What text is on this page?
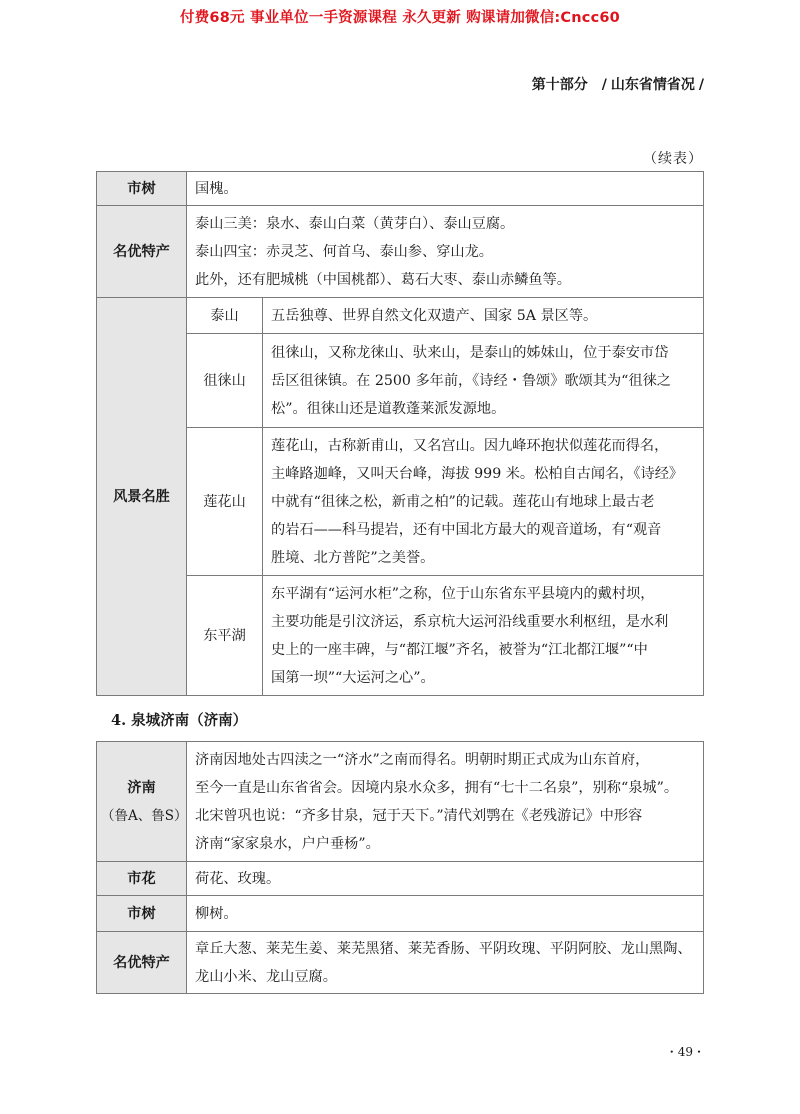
付费68元 事业单位一手资源课程 永久更新 购课请加微信:Cncc60
第十部分 / 山东省情省况 /
（续表）
市树	国槐。	
名优特产	泰山三美：泉水、泰山白菜（黄芽白）、泰山豆腐。
泰山四宝：赤灵芝、何首乌、泰山参、穿山龙。
此外，还有肥城桃（中国桃都）、葛石大枣、泰山赤鳞鱼等。	

风景名胜	泰山	五岳独尊、世界自然文化双遗产、国家 5A 景区等。

	徂徕山	徂徕山，又称龙徕山、驮来山，是泰山的姊妹山，位于泰安市岱
岳区徂徕镇。在 2500 多年前，《诗经・鲁颂》歌颂其为“徂徕之
松”。徂徕山还是道教蓬莱派发源地。

	莲花山	莲花山，古称新甫山，又名宫山。因九峰环抱状似莲花而得名，
主峰路迦峰，又叫天台峰，海拔 999 米。松柏自古闻名，《诗经》
中就有“徂徕之松，新甫之柏”的记载。莲花山有地球上最古老
的岩石——科马提岩，还有中国北方最大的观音道场，有“观音
胜境、北方普陀”之美誉。

	东平湖	东平湖有“运河水柜”之称，位于山东省东平县境内的戴村坝，
主要功能是引汶济运，系京杭大运河沿线重要水利枢纽，是水利
史上的一座丰碑，与“都江堰”齐名，被誉为“江北都江堰”“中
国第一坝”“大运河之心”。
4. 泉城济南（济南）
济南
（鲁A、鲁S）	济南因地处古四渎之一“济水”之南而得名。明朝时期正式成为山东首府，
至今一直是山东省省会。因境内泉水众多，拥有“七十二名泉”，别称“泉城”。
北宋曾巩也说：“齐多甘泉，冠于天下。”清代刘鹗在《老残游记》中形容
济南“家家泉水，户户垂杨”。

市花	荷花、玫瑰。
市树	柳树。
名优特产	章丘大葱、莱芜生姜、莱芜黑猪、莱芜香肠、平阴玫瑰、平阴阿胶、龙山黑陶、
龙山小米、龙山豆腐。
・49・
